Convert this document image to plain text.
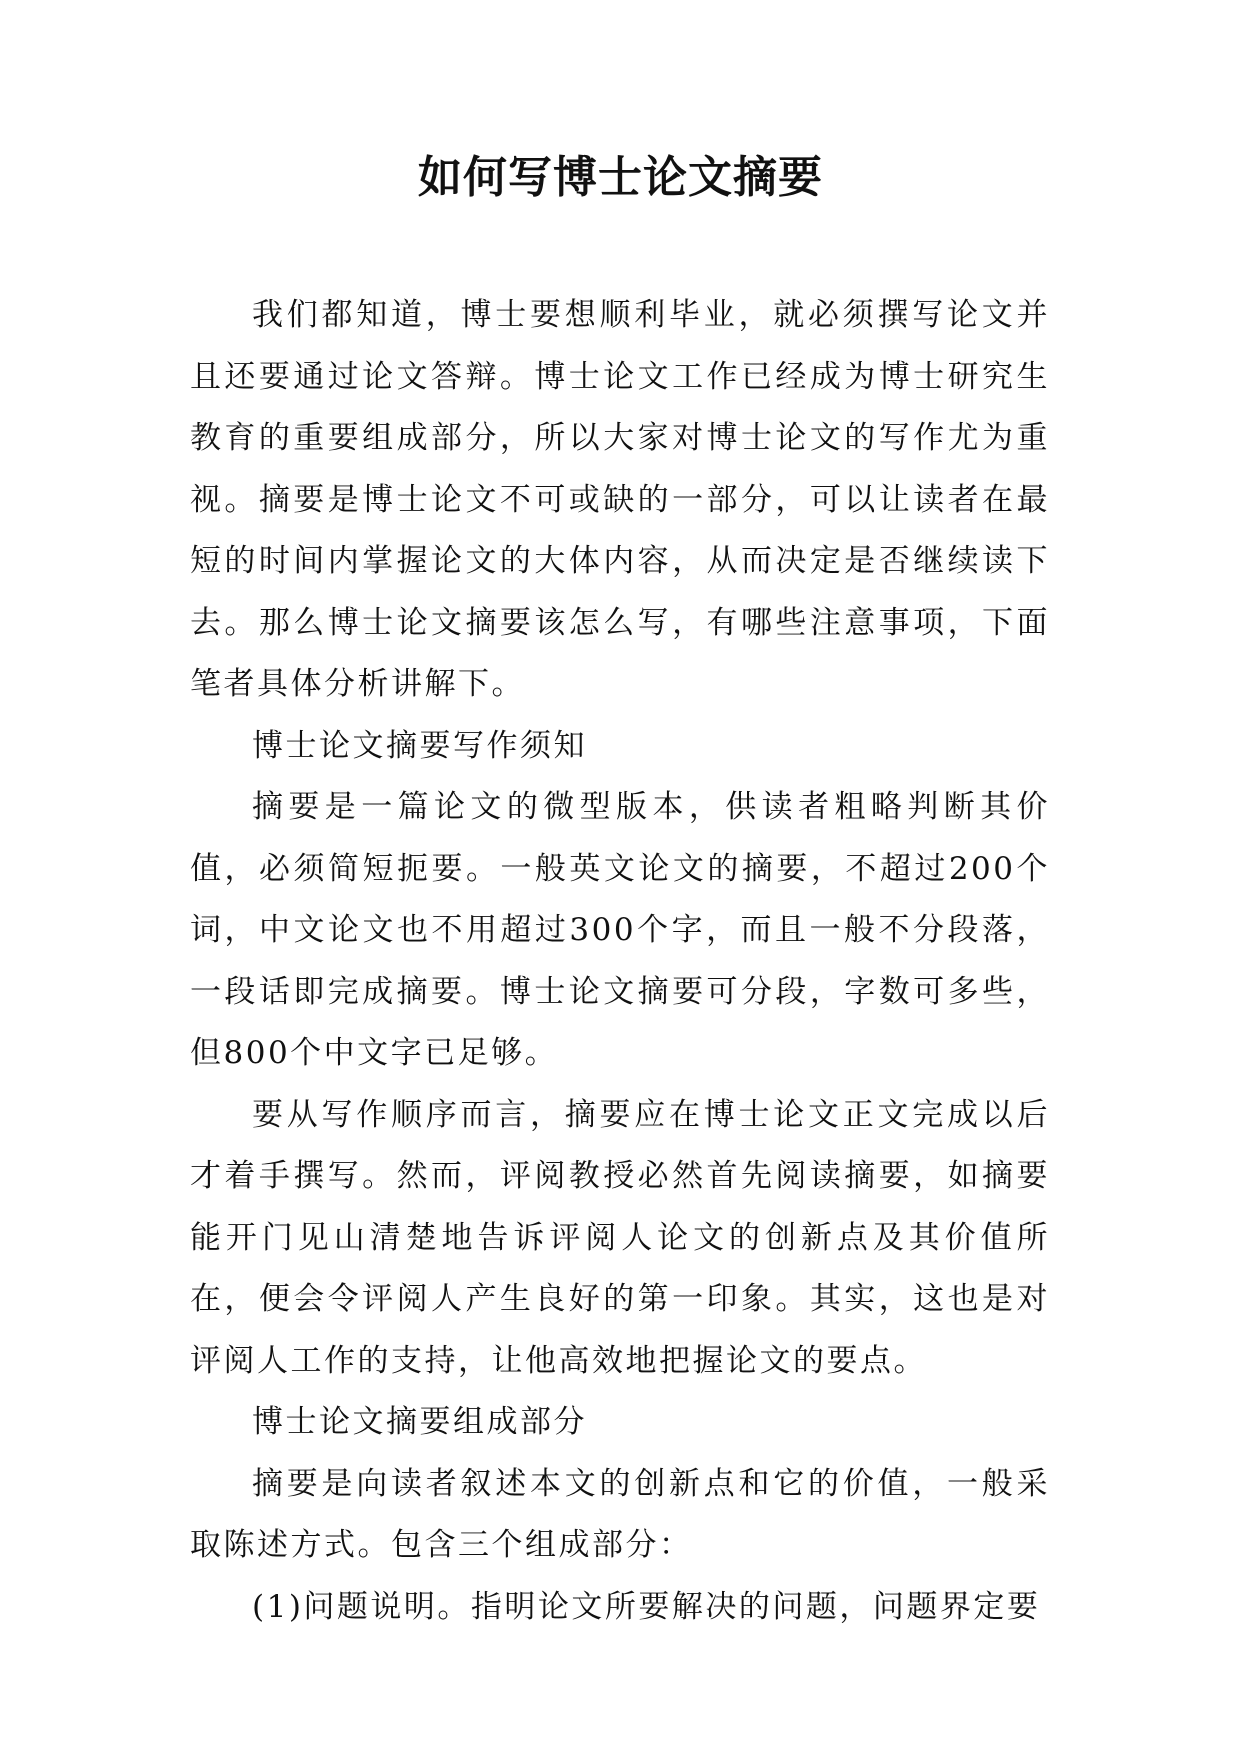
如何写博士论文摘要

我们都知道，博士要想顺利毕业，就必须撰写论文并且还要通过论文答辩。博士论文工作已经成为博士研究生教育的重要组成部分，所以大家对博士论文的写作尤为重视。摘要是博士论文不可或缺的一部分，可以让读者在最短的时间内掌握论文的大体内容，从而决定是否继续读下去。那么博士论文摘要该怎么写，有哪些注意事项，下面笔者具体分析讲解下。

博士论文摘要写作须知

摘要是一篇论文的微型版本，供读者粗略判断其价值，必须简短扼要。一般英文论文的摘要，不超过200个词，中文论文也不用超过300个字，而且一般不分段落，一段话即完成摘要。博士论文摘要可分段，字数可多些，但800个中文字已足够。

要从写作顺序而言，摘要应在博士论文正文完成以后才着手撰写。然而，评阅教授必然首先阅读摘要，如摘要能开门见山清楚地告诉评阅人论文的创新点及其价值所在，便会令评阅人产生良好的第一印象。其实，这也是对评阅人工作的支持，让他高效地把握论文的要点。

博士论文摘要组成部分

摘要是向读者叙述本文的创新点和它的价值，一般采取陈述方式。包含三个组成部分：

(1)问题说明。指明论文所要解决的问题，问题界定要
